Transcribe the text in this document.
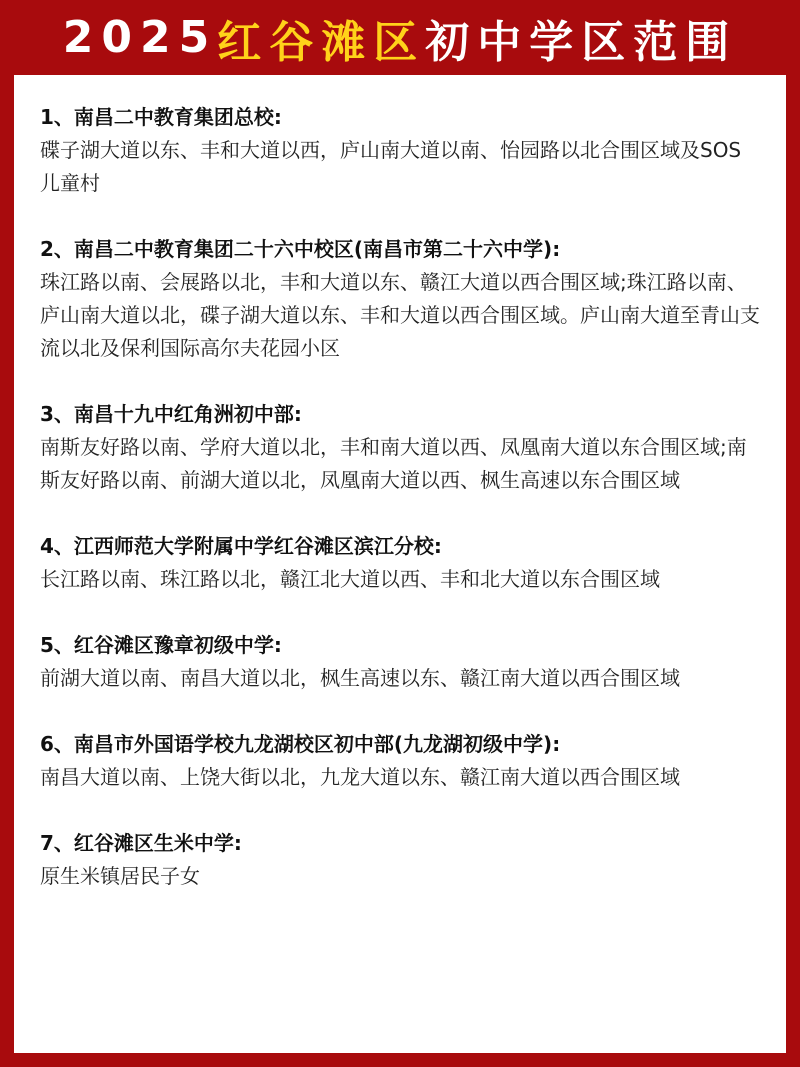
2025 红谷滩区 初中学区范围
1、南昌二中教育集团总校:
碟子湖大道以东、丰和大道以西，庐山南大道以南、怡园路以北合围区域及SOS儿童村
2、南昌二中教育集团二十六中校区(南昌市第二十六中学):
珠江路以南、会展路以北，丰和大道以东、赣江大道以西合围区域;珠江路以南、庐山南大道以北，碟子湖大道以东、丰和大道以西合围区域。庐山南大道至青山支流以北及保利国际高尔夫花园小区
3、南昌十九中红角洲初中部:
南斯友好路以南、学府大道以北，丰和南大道以西、凤凰南大道以东合围区域;南斯友好路以南、前湖大道以北，凤凰南大道以西、枫生高速以东合围区域
4、江西师范大学附属中学红谷滩区滨江分校:
长江路以南、珠江路以北，赣江北大道以西、丰和北大道以东合围区域
5、红谷滩区豫章初级中学:
前湖大道以南、南昌大道以北，枫生高速以东、赣江南大道以西合围区域
6、南昌市外国语学校九龙湖校区初中部(九龙湖初级中学):
南昌大道以南、上饶大街以北，九龙大道以东、赣江南大道以西合围区域
7、红谷滩区生米中学:
原生米镇居民子女
